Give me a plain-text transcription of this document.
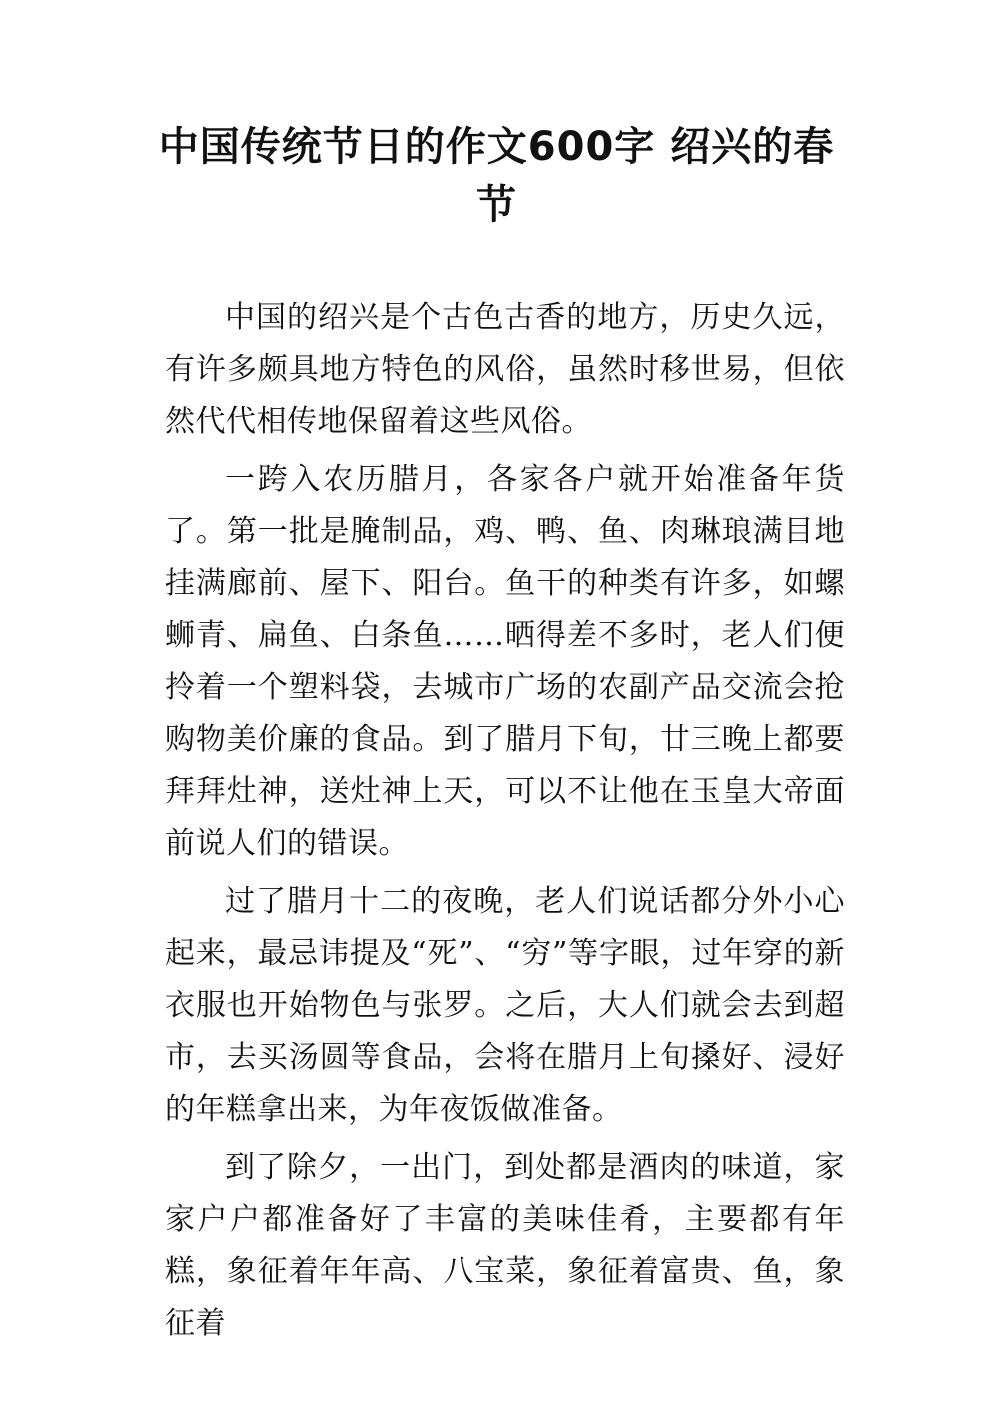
中国传统节日的作文600字 绍兴的春节

中国的绍兴是个古色古香的地方，历史久远，有许多颇具地方特色的风俗，虽然时移世易，但依然代代相传地保留着这些风俗。

一跨入农历腊月，各家各户就开始准备年货了。第一批是腌制品，鸡、鸭、鱼、肉琳琅满目地挂满廊前、屋下、阳台。鱼干的种类有许多，如螺蛳青、扁鱼、白条鱼……晒得差不多时，老人们便拎着一个塑料袋，去城市广场的农副产品交流会抢购物美价廉的食品。到了腊月下旬，廿三晚上都要拜拜灶神，送灶神上天，可以不让他在玉皇大帝面前说人们的错误。

过了腊月十二的夜晚，老人们说话都分外小心起来，最忌讳提及“死”、“穷”等字眼，过年穿的新衣服也开始物色与张罗。之后，大人们就会去到超市，去买汤圆等食品，会将在腊月上旬搡好、浸好的年糕拿出来，为年夜饭做准备。

到了除夕，一出门，到处都是酒肉的味道，家家户户都准备好了丰富的美味佳肴，主要都有年糕，象征着年年高、八宝菜，象征着富贵、鱼，象征着
